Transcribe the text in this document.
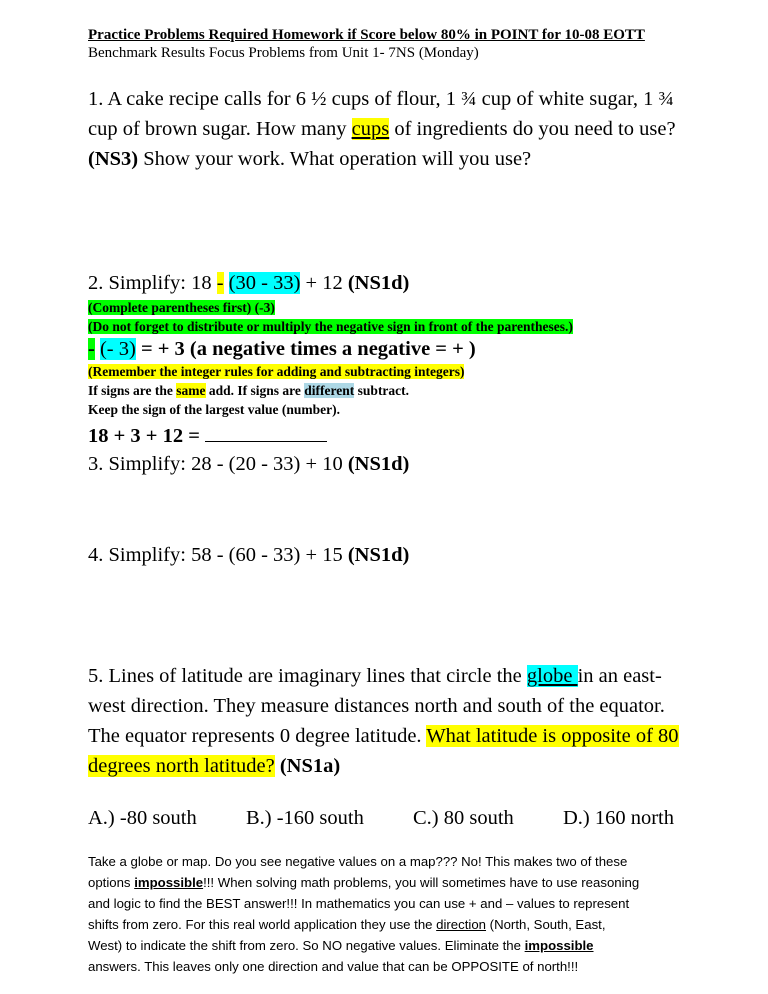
Practice Problems Required Homework if Score below 80% in POINT for 10-08 EOTT

Benchmark Results Focus Problems from Unit 1- 7NS (Monday)

1. A cake recipe calls for 6 ½ cups of flour, 1 ¾ cup of white sugar, 1 ¾

cup of brown sugar. How many cups of ingredients do you need to use?

(NS3) Show your work. What operation will you use?

2. Simplify: 18 - (30 - 33) + 12 (NS1d)

(Complete parentheses first) (-3)

(Do not forget to distribute or multiply the negative sign in front of the parentheses.)

- (- 3) = + 3 (a negative times a negative = + )

(Remember the integer rules for adding and subtracting integers)

If signs are the same add. If signs are different subtract.

Keep the sign of the largest value (number).

18 + 3 + 12 =

3. Simplify: 28 - (20 - 33) + 10 (NS1d)

4. Simplify: 58 - (60 - 33) + 15 (NS1d)

5. Lines of latitude are imaginary lines that circle the globe in an east-

west direction. They measure distances north and south of the equator.

The equator represents 0 degree latitude. What latitude is opposite of 80

degrees north latitude? (NS1a)

A.) -80 south B.) -160 south C.) 80 south D.) 160 north

Take a globe or map. Do you see negative values on a map??? No! This makes two of these

options impossible!!! When solving math problems, you will sometimes have to use reasoning

and logic to find the BEST answer!!! In mathematics you can use + and – values to represent

shifts from zero. For this real world application they use the direction (North, South, East,

West) to indicate the shift from zero. So NO negative values. Eliminate the impossible

answers. This leaves only one direction and value that can be OPPOSITE of north!!!
